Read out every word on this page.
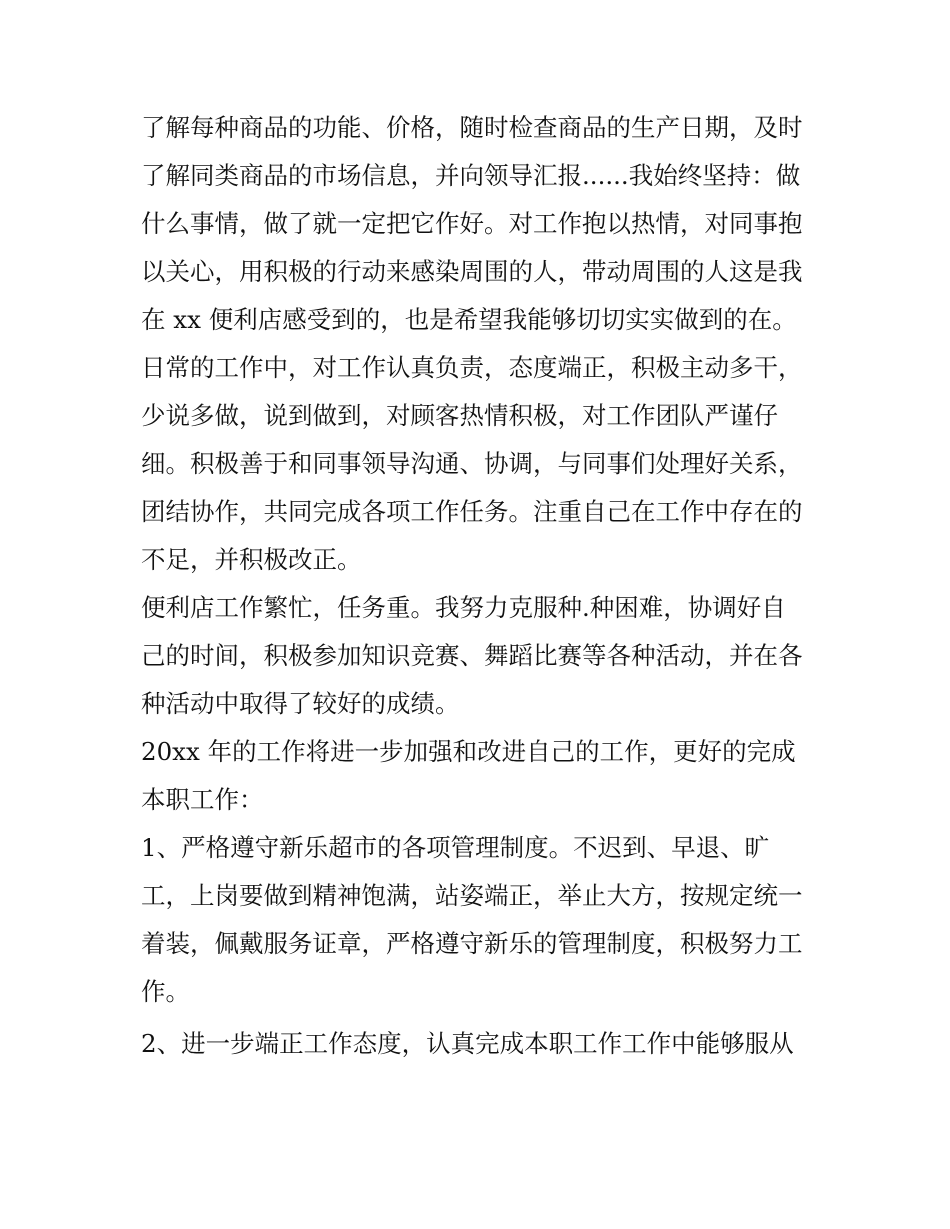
了解每种商品的功能、价格，随时检查商品的生产日期，及时
了解同类商品的市场信息，并向领导汇报......我始终坚持：做
什么事情，做了就一定把它作好。对工作抱以热情，对同事抱
以关心，用积极的行动来感染周围的人，带动周围的人这是我
在 xx 便利店感受到的，也是希望我能够切切实实做到的在。
日常的工作中，对工作认真负责，态度端正，积极主动多干，
少说多做，说到做到，对顾客热情积极，对工作团队严谨仔
细。积极善于和同事领导沟通、协调，与同事们处理好关系，
团结协作，共同完成各项工作任务。注重自己在工作中存在的
不足，并积极改正。
便利店工作繁忙，任务重。我努力克服种.种困难，协调好自
己的时间，积极参加知识竞赛、舞蹈比赛等各种活动，并在各
种活动中取得了较好的成绩。
20xx 年的工作将进一步加强和改进自己的工作，更好的完成
本职工作：
1、严格遵守新乐超市的各项管理制度。不迟到、早退、旷
工，上岗要做到精神饱满，站姿端正，举止大方，按规定统一
着装，佩戴服务证章，严格遵守新乐的管理制度，积极努力工
作。
2、进一步端正工作态度，认真完成本职工作工作中能够服从
